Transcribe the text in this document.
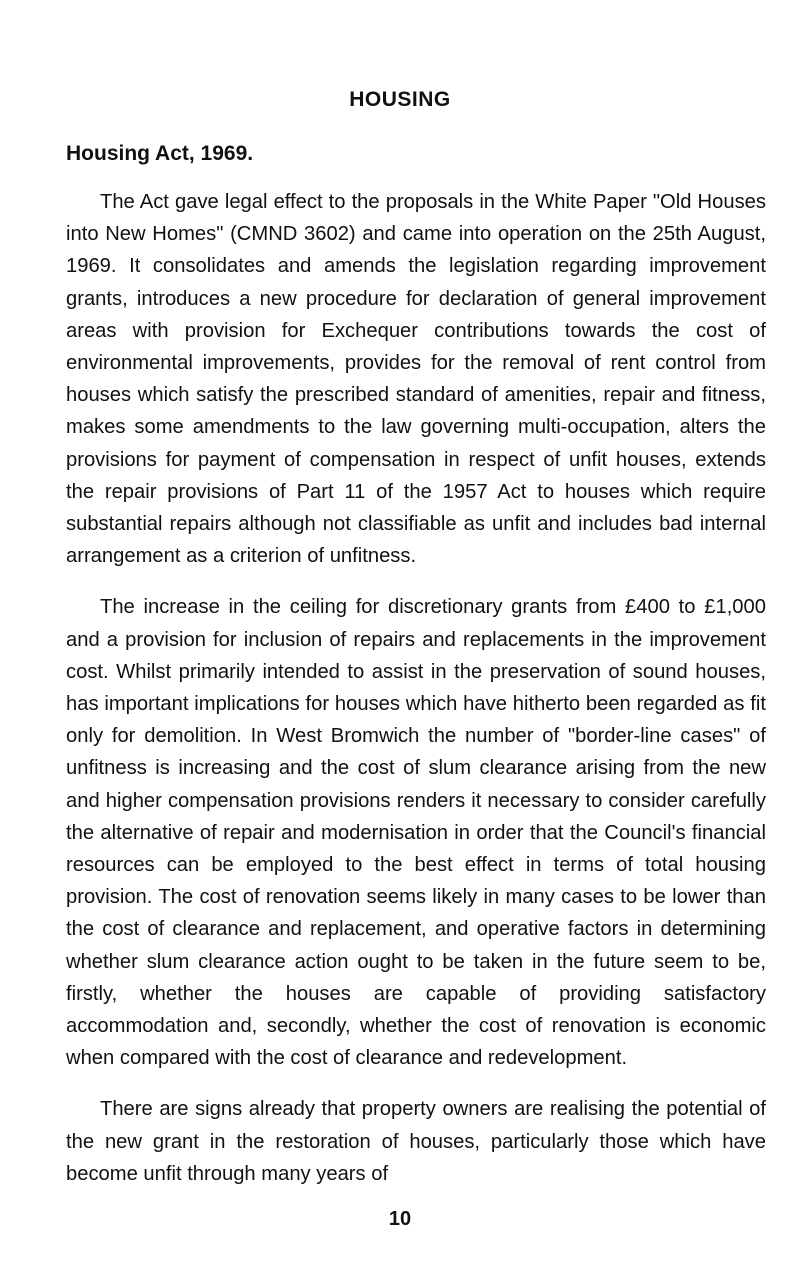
HOUSING
Housing Act, 1969.

The Act gave legal effect to the proposals in the White Paper "Old Houses into New Homes" (CMND 3602) and came into operation on the 25th August, 1969. It consolidates and amends the legislation regarding improvement grants, introduces a new procedure for declaration of general improvement areas with provision for Exchequer contributions towards the cost of environmental improvements, provides for the removal of rent control from houses which satisfy the prescribed standard of amenities, repair and fitness, makes some amendments to the law governing multi-occupation, alters the provisions for payment of compensation in respect of unfit houses, extends the repair provisions of Part 11 of the 1957 Act to houses which require substantial repairs although not classifiable as unfit and includes bad internal arrangement as a criterion of unfitness.

The increase in the ceiling for discretionary grants from £400 to £1,000 and a provision for inclusion of repairs and replacements in the improvement cost. Whilst primarily intended to assist in the preservation of sound houses, has important implications for houses which have hitherto been regarded as fit only for demolition. In West Bromwich the number of "border-line cases" of unfitness is increasing and the cost of slum clearance arising from the new and higher compensation provisions renders it necessary to consider carefully the alternative of repair and modernisation in order that the Council's financial resources can be employed to the best effect in terms of total housing provision. The cost of renovation seems likely in many cases to be lower than the cost of clearance and replacement, and operative factors in determining whether slum clearance action ought to be taken in the future seem to be, firstly, whether the houses are capable of providing satisfactory accommodation and, secondly, whether the cost of renovation is economic when compared with the cost of clearance and redevelopment.

There are signs already that property owners are realising the potential of the new grant in the restoration of houses, particularly those which have become unfit through many years of

10
